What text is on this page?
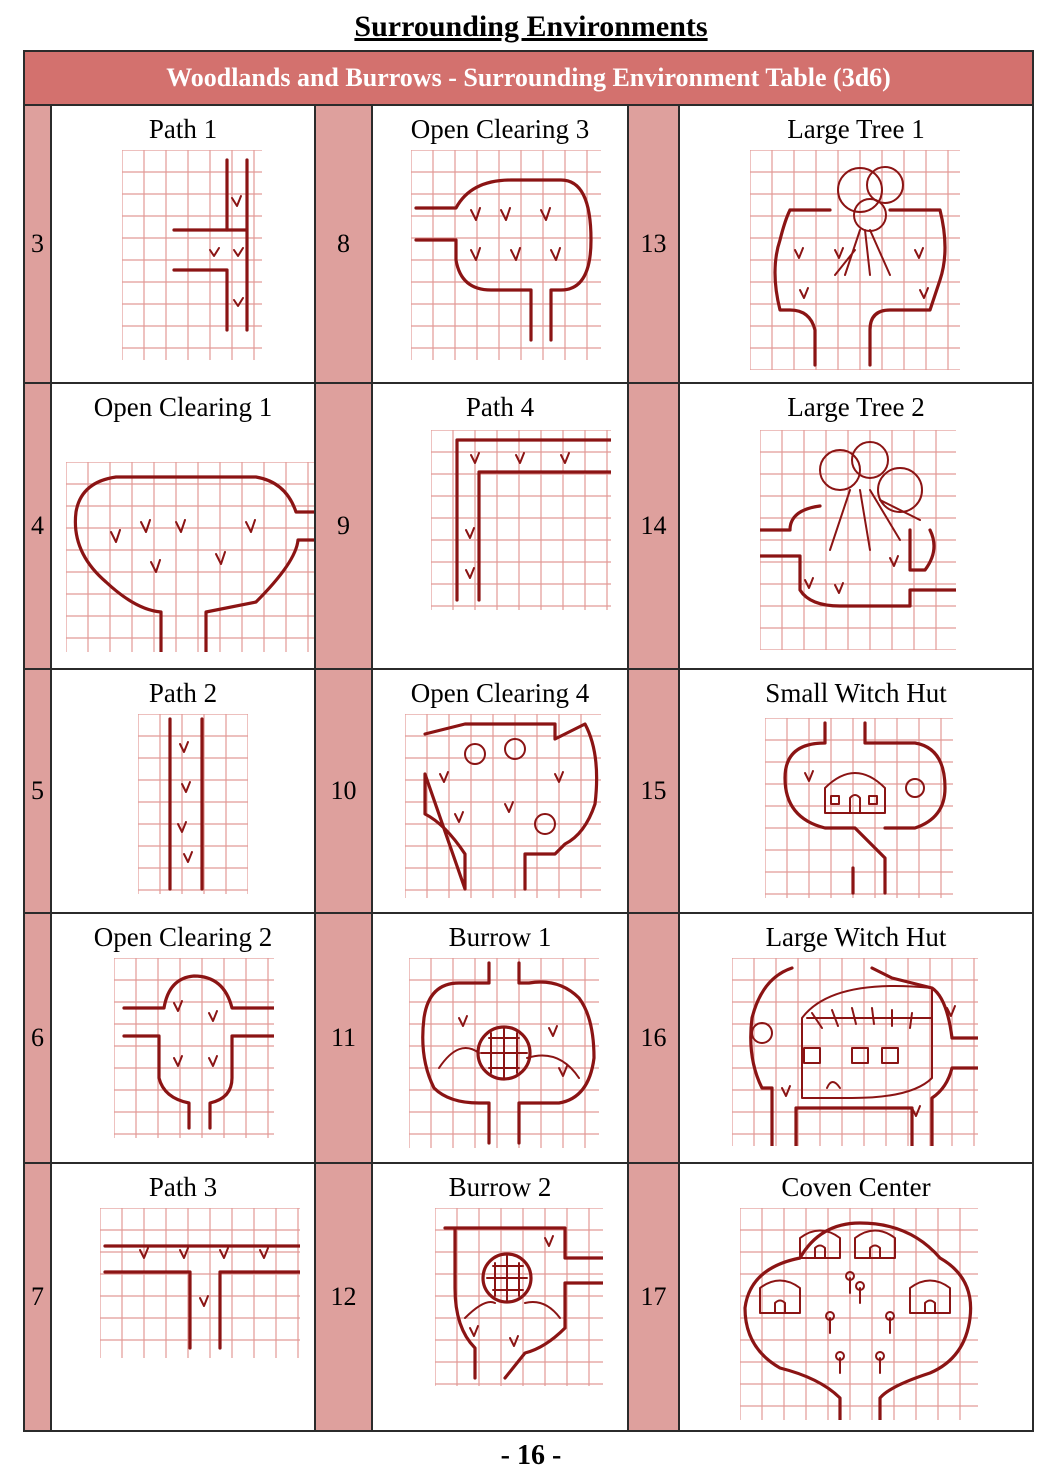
Surrounding Environments
Woodlands and Burrows - Surrounding Environment Table (3d6)
3
Path 1
8
Open Clearing 3
13
Large Tree 1
4
Open Clearing 1
9
Path 4
14
Large Tree 2
5
Path 2
10
Open Clearing 4
15
Small Witch Hut
6
Open Clearing 2
11
Burrow 1
16
Large Witch Hut
7
Path 3
12
Burrow 2
17
Coven Center
- 16 -
